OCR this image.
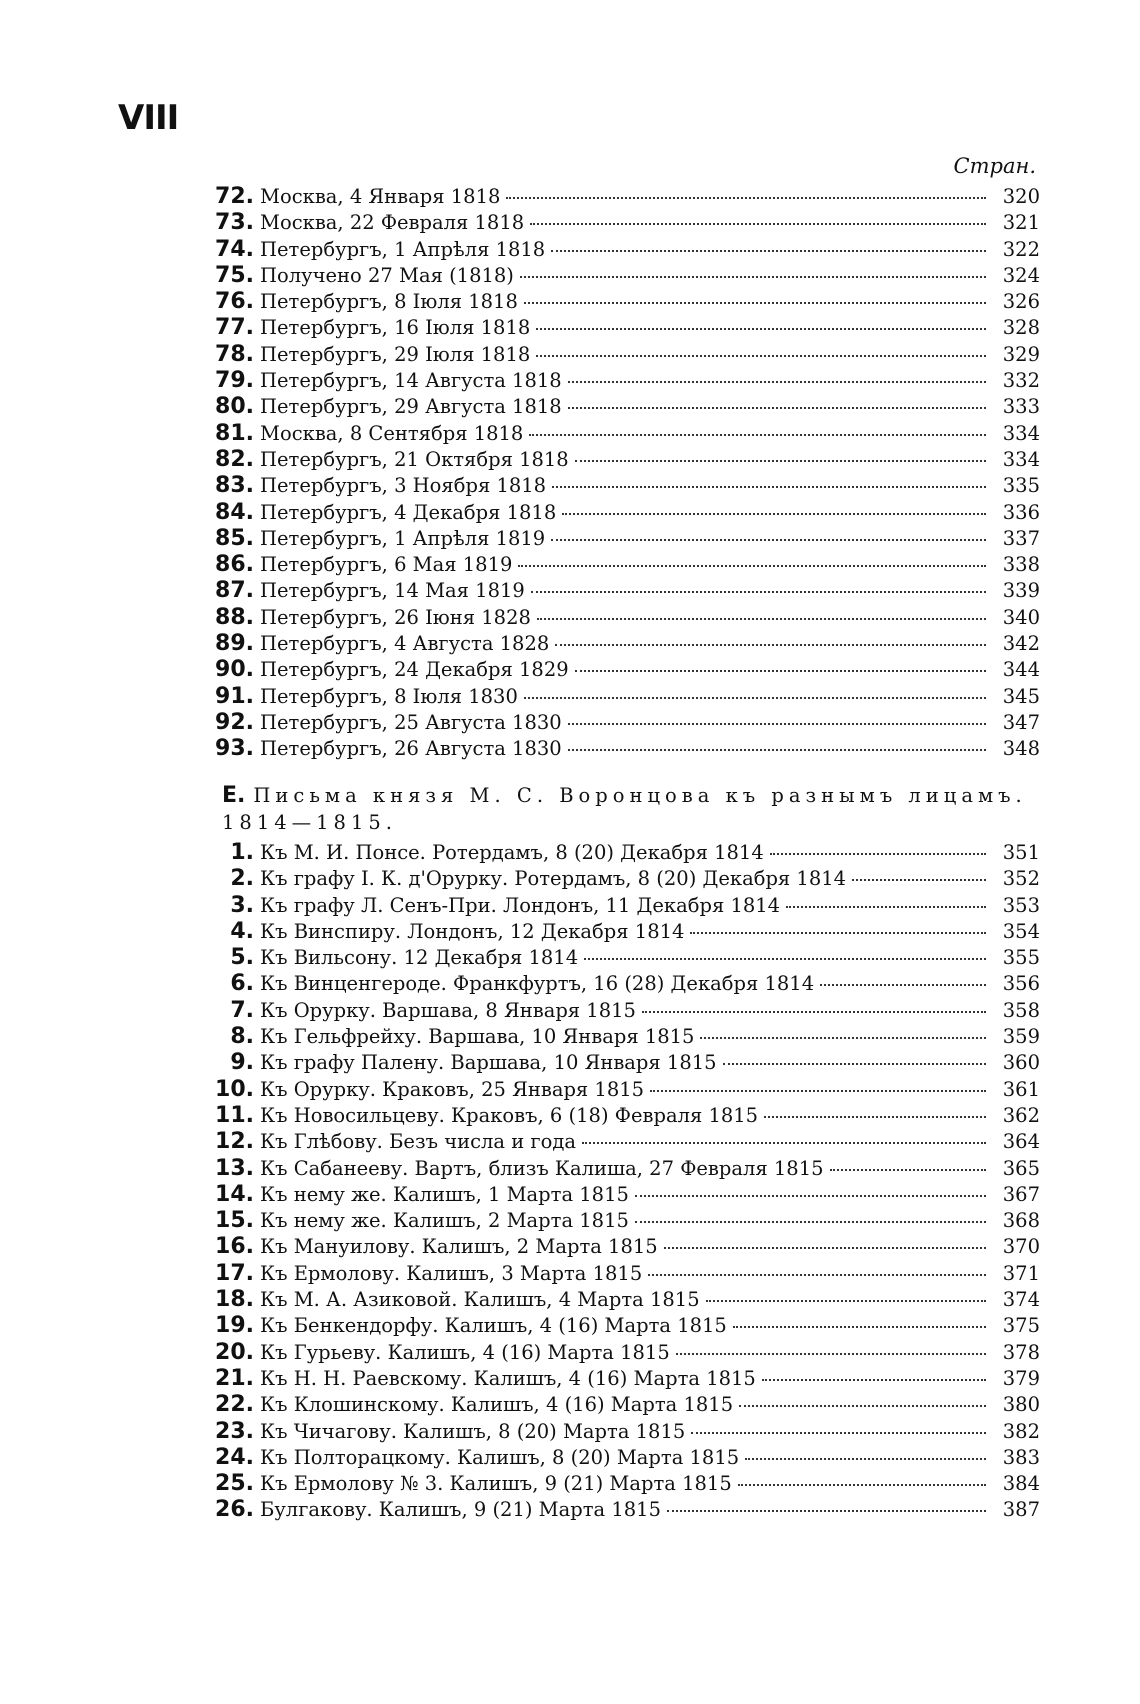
VIII
Стран.
72. Москва, 4 Января 1818	320
73. Москва, 22 Февраля 1818	321
74. Петербургъ, 1 Апрѣля 1818	322
75. Получено 27 Мая (1818)	324
76. Петербургъ, 8 Іюля 1818	326
77. Петербургъ, 16 Іюля 1818	328
78. Петербургъ, 29 Іюля 1818	329
79. Петербургъ, 14 Августа 1818	332
80. Петербургъ, 29 Августа 1818	333
81. Москва, 8 Сентября 1818	334
82. Петербургъ, 21 Октября 1818	334
83. Петербургъ, 3 Ноября 1818	335
84. Петербургъ, 4 Декабря 1818	336
85. Петербургъ, 1 Апрѣля 1819	337
86. Петербургъ, 6 Мая 1819	338
87. Петербургъ, 14 Мая 1819	339
88. Петербургъ, 26 Іюня 1828	340
89. Петербургъ, 4 Августа 1828	342
90. Петербургъ, 24 Декабря 1829	344
91. Петербургъ, 8 Іюля 1830	345
92. Петербургъ, 25 Августа 1830	347
93. Петербургъ, 26 Августа 1830	348
Е. Письма князя М. С. Воронцова къ разнымъ лицамъ. 1814—1815.
1. Къ М. И. Понсе. Ротердамъ, 8 (20) Декабря 1814	351
2. Къ графу І. К. д'Орурку. Ротердамъ, 8 (20) Декабря 1814	352
3. Къ графу Л. Сенъ-При. Лондонъ, 11 Декабря 1814	353
4. Къ Винспиру. Лондонъ, 12 Декабря 1814	354
5. Къ Вильсону. 12 Декабря 1814	355
6. Къ Винценгероде. Франкфуртъ, 16 (28) Декабря 1814	356
7. Къ Орурку. Варшава, 8 Января 1815	358
8. Къ Гельфрейху. Варшава, 10 Января 1815	359
9. Къ графу Палену. Варшава, 10 Января 1815	360
10. Къ Орурку. Краковъ, 25 Января 1815	361
11. Къ Новосильцеву. Краковъ, 6 (18) Февраля 1815	362
12. Къ Глѣбову. Безъ числа и года	364
13. Къ Сабанееву. Вартъ, близъ Калиша, 27 Февраля 1815	365
14. Къ нему же. Калишъ, 1 Марта 1815	367
15. Къ нему же. Калишъ, 2 Марта 1815	368
16. Къ Мануилову. Калишъ, 2 Марта 1815	370
17. Къ Ермолову. Калишъ, 3 Марта 1815	371
18. Къ М. А. Азиковой. Калишъ, 4 Марта 1815	374
19. Къ Бенкендорфу. Калишъ, 4 (16) Марта 1815	375
20. Къ Гурьеву. Калишъ, 4 (16) Марта 1815	378
21. Къ Н. Н. Раевскому. Калишъ, 4 (16) Марта 1815	379
22. Къ Клошинскому. Калишъ, 4 (16) Марта 1815	380
23. Къ Чичагову. Калишъ, 8 (20) Марта 1815	382
24. Къ Полторацкому. Калишъ, 8 (20) Марта 1815	383
25. Къ Ермолову № 3. Калишъ, 9 (21) Марта 1815	384
26. Булгакову. Калишъ, 9 (21) Марта 1815	387
